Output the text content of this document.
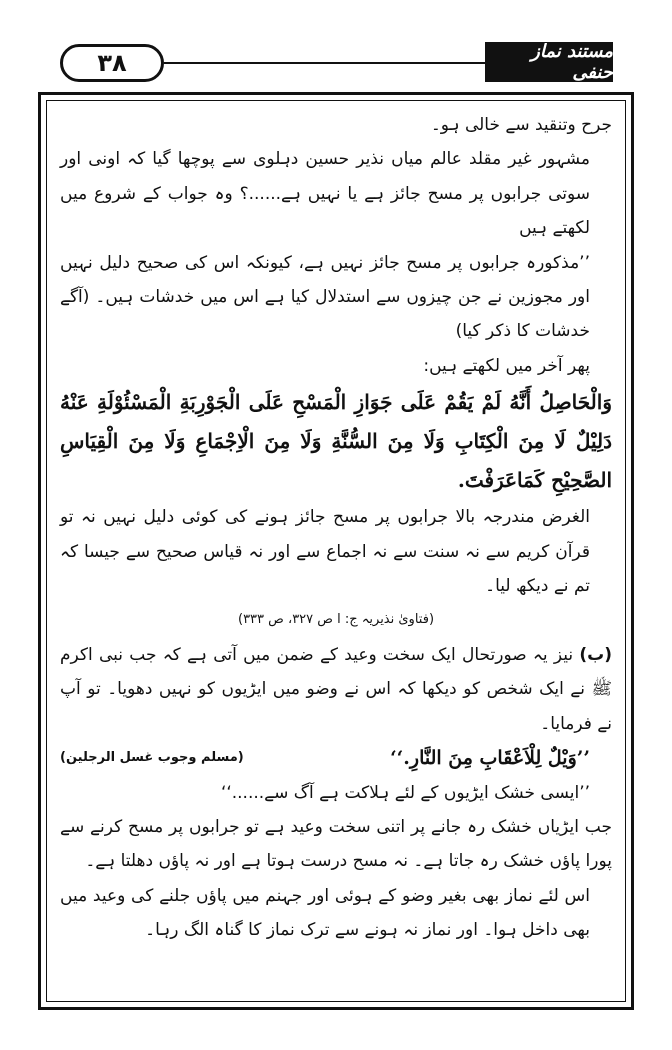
۳۸	مستند نماز حنفی

جرح وتنقید سے خالی ہو۔

مشہور غیر مقلد عالم میاں نذیر حسین دہلوی سے پوچھا گیا کہ اونی اور سوتی جرابوں پر مسح جائز ہے یا نہیں ہے......؟ وہ جواب کے شروع میں لکھتے ہیں

’’مذکورہ جرابوں پر مسح جائز نہیں ہے، کیونکہ اس کی صحیح دلیل نہیں اور مجوزین نے جن چیزوں سے استدلال کیا ہے اس میں خدشات ہیں۔ (آگے خدشات کا ذکر کیا)

پھر آخر میں لکھتے ہیں:

وَالْحَاصِلُ أَنَّهُ لَمْ يَقُمْ عَلَى جَوَازِ الْمَسْحِ عَلَى الْجَوْرِبَةِ الْمَسْئُوْلَةِ عَنْهُ دَلِيْلٌ لَا مِنَ الْكِتَابِ وَلَا مِنَ السُّنَّةِ وَلَا مِنَ الْاِجْمَاعِ وَلَا مِنَ الْقِيَاسِ الصَّحِيْحِ كَمَاعَرَفْتَ.

الغرض مندرجہ بالا جرابوں پر مسح جائز ہونے کی کوئی دلیل نہیں نہ تو قرآن کریم سے نہ سنت سے نہ اجماع سے اور نہ قیاس صحیح سے جیسا کہ تم نے دیکھ لیا۔

(فتاویٰ نذیریہ ج: ا ص ۳۲۷، ص ۳۳۳)

(ب) نیز یہ صورتحال ایک سخت وعید کے ضمن میں آتی ہے کہ جب نبی اکرم ﷺ نے ایک شخص کو دیکھا کہ اس نے وضو میں ایڑیوں کو نہیں دھویا۔ تو آپ نے فرمایا۔

’’وَيْلٌ لِلْاَعْقَابِ مِنَ النَّارِ.‘‘
(مسلم وجوب غسل الرجلين)

’’ایسی خشک ایڑیوں کے لئے ہلاکت ہے آگ سے......‘‘

جب ایڑیاں خشک رہ جانے پر اتنی سخت وعید ہے تو جرابوں پر مسح کرنے سے پورا پاؤں خشک رہ جاتا ہے۔ نہ مسح درست ہوتا ہے اور نہ پاؤں دھلتا ہے۔

اس لئے نماز بھی بغیر وضو کے ہوئی اور جہنم میں پاؤں جلنے کی وعید میں بھی داخل ہوا۔ اور نماز نہ ہونے سے ترک نماز کا گناہ الگ رہا۔
